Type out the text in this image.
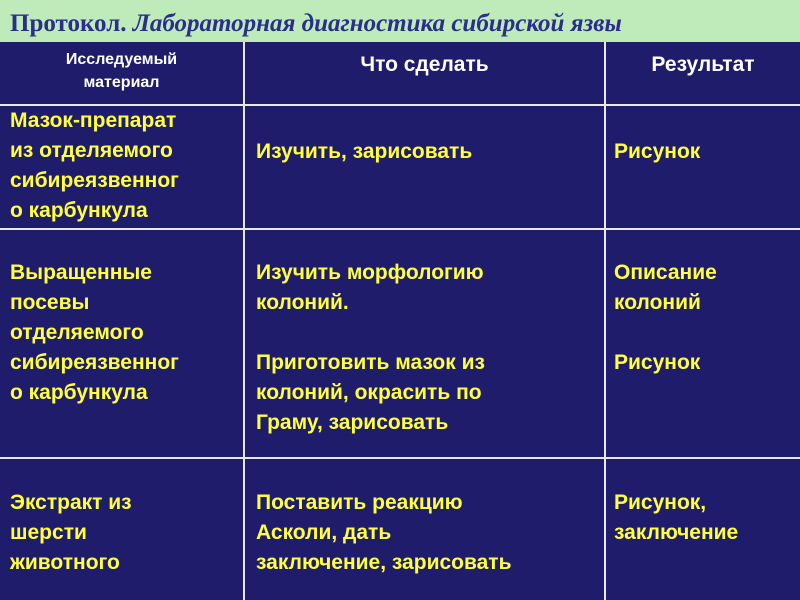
Протокол. Лабораторная диагностика сибирской язвы
Исследуемый
материал
Что сделать	Результат
Мазок-препарат
из отделяемого
сибиреязвенног
о карбункула
Изучить, зарисовать	Рисунок
Выращенные
посевы
отделяемого
сибиреязвенног
о карбункула
Изучить морфологию
колоний.
Приготовить мазок из
колоний, окрасить по
Граму, зарисовать
Описание
колоний
Рисунок
Экстракт из
шерсти
животного
Поставить реакцию
Асколи, дать
заключение, зарисовать
Рисунок,
заключение
